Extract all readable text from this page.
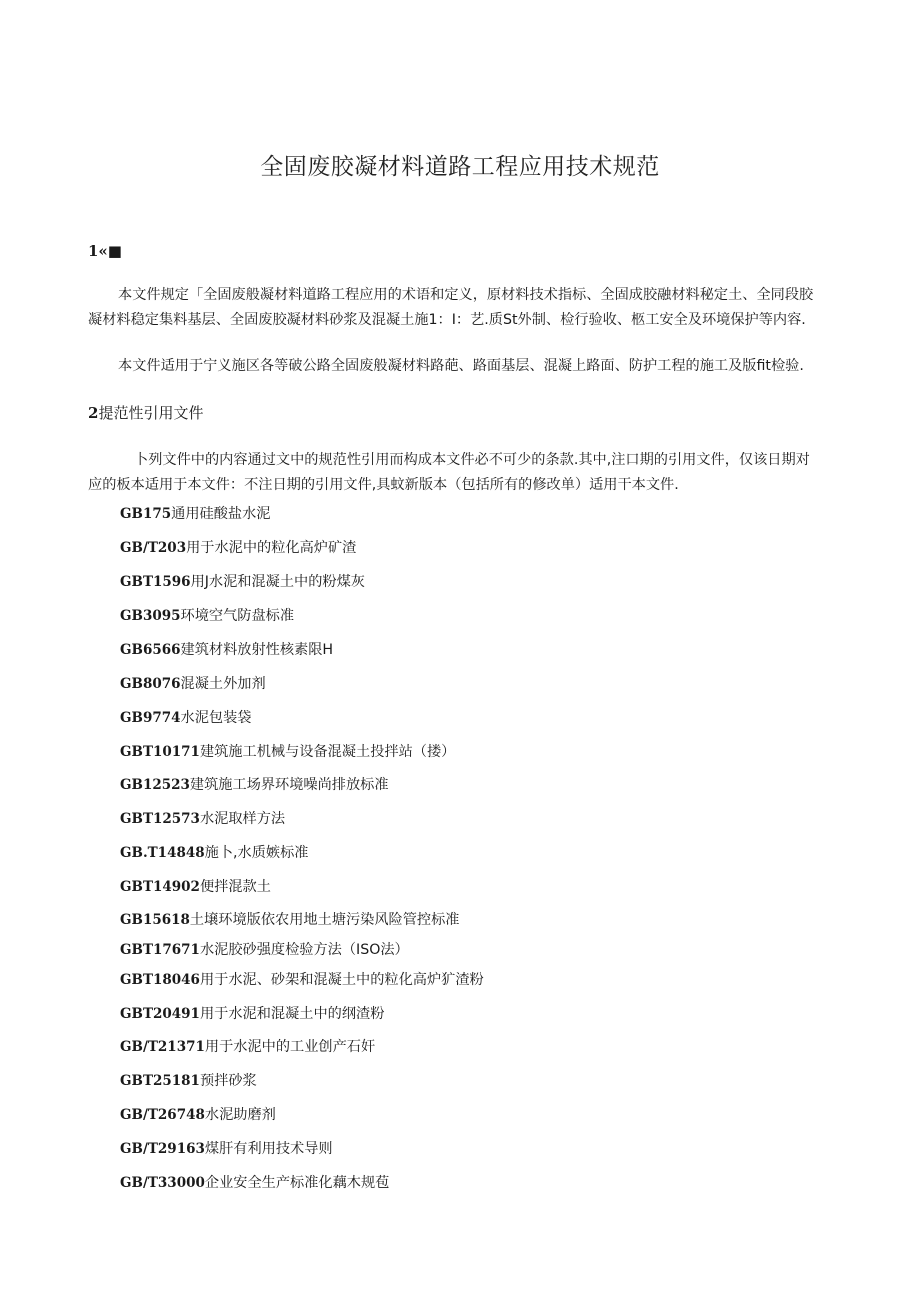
全固废胶凝材料道路工程应用技术规范
1«■

本文件规定「全固废般凝材料道路工程应用的术语和定义，原材料技术指标、全固成胶融材料秘定土、全同段胶凝材料稳定集料基层、全固废胶凝材料砂浆及混凝土施1：I：艺.质St外制、检行验收、柩工安全及环境保护等内容.

本文件适用于宁义施区各等破公路全固废般凝材料路葩、路面基层、混凝上路面、防护工程的施工及版fit检验.

2提范性引用文件

卜列文件中的内容通过文中的规范性引用而构成本文件必不可少的条款.其中,注口期的引用文件，仅该日期对应的板本适用于本文件：不注日期的引用文件,具蚊新版本（包括所有的修改单）适用干本文件.

GB175通用硅酸盐水泥
GB/T203用于水泥中的粒化高炉矿渣
GBT1596用J水泥和混凝土中的粉煤灰
GB3095环境空气防盘标准
GB6566建筑材料放射性核素限H
GB8076混凝土外加剂
GB9774水泥包装袋
GBT10171建筑施工机械与设备混凝土投拌站（搂）
GB12523建筑施工场界环境噪尚排放标准
GBT12573水泥取样方法
GB.T14848施卜,水质嫉标准
GBT14902便拌混款土
GB15618土壌环境版依农用地土塘污染风险管控标准
GBT17671水泥胶砂强度检验方法（ISO法）
GBT18046用于水泥、砂架和混凝土中的粒化高炉犷渣粉
GBT20491用于水泥和混凝土中的纲渣粉
GB/T21371用于水泥中的工业创产石奸
GBT25181预拌砂浆
GB/T26748水泥助磨剂
GB/T29163煤肝有利用技术导则
GB/T33000企业安全生产标准化藕木规苞
